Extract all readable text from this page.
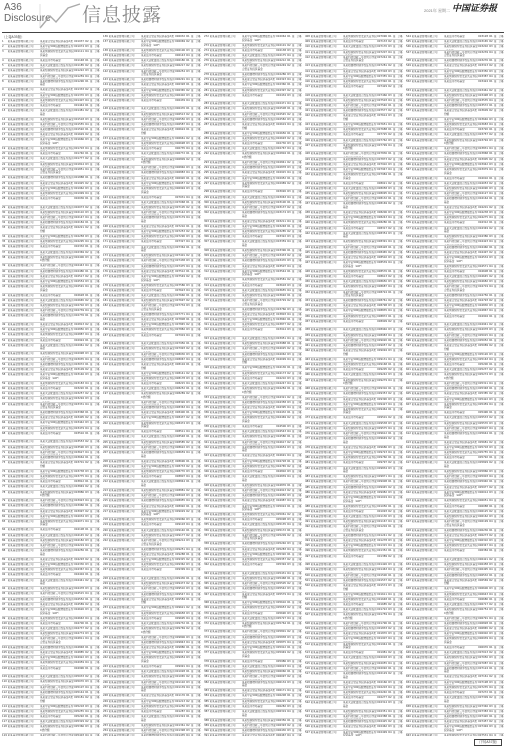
A36
Disclosure 信息披露	2021年 星期二 中国证券报
（上接A35版）
1	某某基金管理有限公司	某某混合型证券投资基金A类 001037 R2 是 公募
2	某某基金管理有限公司	某某中证500指数增强型证券 001074 R3 是 公募
3	某某基金管理有限公司	某某纯债债券型发起式证券投资基金
001111 R4 是 公募
4	某某基金管理有限公司	某某货币市场基金	001148 R1 是 公募
5	某某基金管理有限公司	某某灵活配置混合型证券投资 001185 R2 是 公募
6	某某基金管理有限公司	某某短债债券型证券投资基金 001222 R3 是 公募
7	某某基金管理有限公司	某某科技创新三年封闭运作混 001259 R4 是 公募
8	某某基金管理有限公司	某某稳健增利债券型证券投资基金
001296 R1 是 公募
9	某某基金管理有限公司	某某混合型证券投资基金A类 001333 R2 是 公募
10 某某基金管理有限公司	某某中证500指数增强型证券 001370 R3 是 公募
11 某某基金管理有限公司	某某纯债债券型发起式证券投 001407 R4 是 公募
12 某某基金管理有限公司	某某货币市场基金	001444 R1 是 公募
13 某某基金管理有限公司	某某灵活配置混合型证券投资基金
001481 R2 是 公募
14 某某基金管理有限公司	某某短债债券型证券投资基金 001518 R3 是 公募
15 某某基金管理有限公司	某某科技创新三年封闭运作混 001555 R4 是 公募
16 某某基金管理有限公司	某某稳健增利债券型证券投资 001592 R1 是 公募
17 某某基金管理有限公司	某某混合型证券投资基金A类 001629 R2 是 公募
18 某某基金管理有限公司	某某中证500指数增强型证券投资基金（LOF）
001666 R3 是 公募
19 某某基金管理有限公司	某某纯债债券型发起式证券投 001703 R4 是 公募
20 某某基金管理有限公司	某某货币市场基金	001740 R1 是 公募
21 某某基金管理有限公司	某某灵活配置混合型证券投资 001777 R2 是 公募
22 某某基金管理有限公司	某某短债债券型证券投资基金 001814 R3 是 公募
23 某某基金管理有限公司	某某科技创新三年封闭运作混合型证券投资基金
001851 R4 是 公募
24 某某基金管理有限公司	某某稳健增利债券型证券投资 001888 R1 是 公募
25 某某基金管理有限公司	某某混合型证券投资基金A类 001925 R2 是 公募
26 某某基金管理有限公司	某某中证500指数增强型证券 001962 R3 是 公募
27 某某基金管理有限公司	某某纯债债券型发起式证券投 001999 R4 是 公募
28 某某基金管理有限公司	某某货币市场基金	002036 R1 是 公募
29 某某基金管理有限公司	某某灵活配置混合型证券投资 002073 R2 是 公募
30 某某基金管理有限公司	某某短债债券型证券投资基金 002110 R3 是 公募
31 某某基金管理有限公司	某某科技创新三年封闭运作混 002147 R4 是 公募
32 某某基金管理有限公司	某某稳健增利债券型证券投资 002184 R1 是 公募
33 某某基金管理有限公司	某某混合型证券投资基金A类份额
002221 R2 是 公募
34 某某基金管理有限公司	某某中证500指数增强型证券 002258 R3 是 公募
35 某某基金管理有限公司	某某纯债债券型发起式证券投 002295 R4 是 公募
36 某某基金管理有限公司	某某货币市场基金	002332 R1 是 公募
37 某某基金管理有限公司	某某灵活配置混合型证券投资 002369 R2 是 公募
38 某某基金管理有限公司	某某短债债券型证券投资基金C类份额
002406 R3 是 公募
39 某某基金管理有限公司	某某科技创新三年封闭运作混 002443 R4 是 公募
40 某某基金管理有限公司	某某稳健增利债券型证券投资 002480 R1 是 公募
41 某某基金管理有限公司	某某混合型证券投资基金A类 002517 R2 是 公募
42 某某基金管理有限公司	某某中证500指数增强型证券 002554 R3 是 公募
43 某某基金管理有限公司	某某纯债债券型发起式证券投资基金
002591 R4 是 公募
44 某某基金管理有限公司	某某货币市场基金	002628 R1 是 公募
45 某某基金管理有限公司	某某灵活配置混合型证券投资 002665 R2 是 公募
46 某某基金管理有限公司	某某短债债券型证券投资基金 002702 R3 是 公募
47 某某基金管理有限公司	某某科技创新三年封闭运作混 002739 R4 是 公募
48 某某基金管理有限公司	某某稳健增利债券型证券投资基金
002776 R1 是 公募
49 某某基金管理有限公司	某某混合型证券投资基金A类 002813 R2 是 公募
50 某某基金管理有限公司	某某中证500指数增强型证券 002850 R3 是 公募
51 某某基金管理有限公司	某某纯债债券型发起式证券投 002887 R4 是 公募
52 某某基金管理有限公司	某某货币市场基金	002924 R1 是 公募
53 某某基金管理有限公司	某某灵活配置混合型证券投资基金
002961 R2 是 公募
54 某某基金管理有限公司	某某短债债券型证券投资基金 002998 R3 是 公募
55 某某基金管理有限公司	某某科技创新三年封闭运作混 003035 R4 是 公募
56 某某基金管理有限公司	某某稳健增利债券型证券投资 003072 R1 是 公募
57 某某基金管理有限公司	某某混合型证券投资基金A类 003109 R2 是 公募
58 某某基金管理有限公司	某某中证500指数增强型证券投资基金（LOF）
003146 R3 是 公募
59 某某基金管理有限公司	某某纯债债券型发起式证券投 003183 R4 是 公募
60 某某基金管理有限公司	某某货币市场基金	003220 R1 是 公募
61 某某基金管理有限公司	某某灵活配置混合型证券投资 003257 R2 是 公募
62 某某基金管理有限公司	某某短债债券型证券投资基金 003294 R3 是 公募
63 某某基金管理有限公司	某某科技创新三年封闭运作混合型证券投资基金
003331 R4 是 公募
64 某某基金管理有限公司	某某稳健增利债券型证券投资 003368 R1 是 公募
65 某某基金管理有限公司	某某混合型证券投资基金A类 003405 R2 是 公募
66 某某基金管理有限公司	某某中证500指数增强型证券 003442 R3 是 公募
67 某某基金管理有限公司	某某纯债债券型发起式证券投 003479 R4 是 公募
68 某某基金管理有限公司	某某货币市场基金	003516 R1 是 公募
69 某某基金管理有限公司	某某灵活配置混合型证券投资 003553 R2 是 公募
70 某某基金管理有限公司	某某短债债券型证券投资基金 003590 R3 是 公募
71 某某基金管理有限公司	某某科技创新三年封闭运作混 003627 R4 是 公募
72 某某基金管理有限公司	某某稳健增利债券型证券投资 003664 R1 是 公募
73 某某基金管理有限公司	某某混合型证券投资基金A类份额
003701 R2 是 公募
74 某某基金管理有限公司	某某中证500指数增强型证券 003738 R3 是 公募
75 某某基金管理有限公司	某某纯债债券型发起式证券投 003775 R4 是 公募
76 某某基金管理有限公司	某某货币市场基金	003812 R1 是 公募
77 某某基金管理有限公司	某某灵活配置混合型证券投资 003849 R2 是 公募
78 某某基金管理有限公司	某某短债债券型证券投资基金C类份额
003886 R3 是 公募
79 某某基金管理有限公司	某某科技创新三年封闭运作混 003923 R4 是 公募
80 某某基金管理有限公司	某某稳健增利债券型证券投资 003960 R1 是 公募
81 某某基金管理有限公司	某某混合型证券投资基金A类 003997 R2 是 公募
82 某某基金管理有限公司	某某中证500指数增强型证券 004034 R3 是 公募
83 某某基金管理有限公司	某某纯债债券型发起式证券投资基金
004071 R4 是 公募
84 某某基金管理有限公司	某某货币市场基金	004108 R1 是 公募
85 某某基金管理有限公司	某某灵活配置混合型证券投资 004145 R2 是 公募
86 某某基金管理有限公司	某某短债债券型证券投资基金 004182 R3 是 公募
87 某某基金管理有限公司	某某科技创新三年封闭运作混 004219 R4 是 公募
88 某某基金管理有限公司	某某稳健增利债券型证券投资基金
004256 R1 是 公募
89 某某基金管理有限公司	某某混合型证券投资基金A类 004293 R2 是 公募
90 某某基金管理有限公司	某某中证500指数增强型证券 004330 R3 是 公募
91 某某基金管理有限公司	某某纯债债券型发起式证券投 004367 R4 是 公募
92 某某基金管理有限公司	某某货币市场基金	004404 R1 是 公募
93 某某基金管理有限公司	某某灵活配置混合型证券投资基金
004441 R2 是 公募
94 某某基金管理有限公司	某某短债债券型证券投资基金 004478 R3 是 公募
95 某某基金管理有限公司	某某科技创新三年封闭运作混 004515 R4 是 公募
96 某某基金管理有限公司	某某稳健增利债券型证券投资 004552 R1 是 公募
97 某某基金管理有限公司	某某混合型证券投资基金A类 004589 R2 是 公募
98 某某基金管理有限公司	某某中证500指数增强型证券投资基金（LOF）
004626 R3 是 公募
99 某某基金管理有限公司	某某纯债债券型发起式证券投 004663 R4 是 公募
100 某某基金管理有限公司	某某货币市场基金	004700 R1 是 公募
101 某某基金管理有限公司	某某灵活配置混合型证券投资 004737 R2 是 公募
102 某某基金管理有限公司	某某短债债券型证券投资基金 004774 R3 是 公募
103 某某基金管理有限公司	某某科技创新三年封闭运作混合型证券投资基金
004811 R4 是 公募
104 某某基金管理有限公司	某某稳健增利债券型证券投资 004848 R1 是 公募
105 某某基金管理有限公司	某某混合型证券投资基金A类 004885 R2 是 公募
106 某某基金管理有限公司	某某中证500指数增强型证券 004922 R3 是 公募
107 某某基金管理有限公司	某某纯债债券型发起式证券投 004959 R4 是 公募
108 某某基金管理有限公司	某某货币市场基金	004996 R1 是 公募
109 某某基金管理有限公司	某某灵活配置混合型证券投资 005033 R2 是 公募
110 某某基金管理有限公司	某某短债债券型证券投资基金 005070 R3 是 公募
111 某某基金管理有限公司	某某科技创新三年封闭运作混 005107 R4 是 公募
112 某某基金管理有限公司	某某稳健增利债券型证券投资 005144 R1 是 公募
113 某某基金管理有限公司	某某混合型证券投资基金A类份额
005181 R2 是 公募
114 某某基金管理有限公司	某某中证500指数增强型证券 005218 R3 是 公募
115 某某基金管理有限公司	某某纯债债券型发起式证券投 005255 R4 是 公募
116 某某基金管理有限公司	某某货币市场基金	005292 R1 是 公募
117 某某基金管理有限公司	某某灵活配置混合型证券投资 005329 R2 是 公募
118 某某基金管理有限公司	某某短债债券型证券投资基金C类份额
005366 R3 是 公募
119 某某基金管理有限公司	某某科技创新三年封闭运作混 005403 R4 是 公募
136 某某基金管理有限公司	某某混合型证券投资基金A类 006032 R1 是 公募
137 某某基金管理有限公司	某某中证500指数增强型证券投资基金（LOF）
006069 R2 是 公募
138 某某基金管理有限公司	某某纯债债券型发起式证券投 006106 R3 是 公募
139 某某基金管理有限公司	某某货币市场基金	006143 R4 是 公募
140 某某基金管理有限公司	某某灵活配置混合型证券投资 006180 R1 是 公募
141 某某基金管理有限公司	某某短债债券型证券投资基金 006217 R2 是 公募
142 某某基金管理有限公司	某某科技创新三年封闭运作混合型证券投资基金
006254 R3 是 公募
143 某某基金管理有限公司	某某稳健增利债券型证券投资 006291 R4 是 公募
144 某某基金管理有限公司	某某混合型证券投资基金A类 006328 R1 是 公募
145 某某基金管理有限公司	某某中证500指数增强型证券 006365 R2 是 公募
146 某某基金管理有限公司	某某纯债债券型发起式证券投 006402 R3 是 公募
147 某某基金管理有限公司	某某货币市场基金	006439 R4 是 公募
148 某某基金管理有限公司	某某灵活配置混合型证券投资 006476 R1 是 公募
149 某某基金管理有限公司	某某短债债券型证券投资基金 006513 R2 是 公募
150 某某基金管理有限公司	某某科技创新三年封闭运作混 006550 R3 是 公募
151 某某基金管理有限公司	某某稳健增利债券型证券投资 006587 R4 是 公募
152 某某基金管理有限公司	某某混合型证券投资基金A类份额
006624 R1 是 公募
153 某某基金管理有限公司	某某中证500指数增强型证券 006661 R2 是 公募
154 某某基金管理有限公司	某某纯债债券型发起式证券投 006698 R3 是 公募
155 某某基金管理有限公司	某某货币市场基金	006735 R4 是 公募
156 某某基金管理有限公司	某某灵活配置混合型证券投资 006772 R1 是 公募
157 某某基金管理有限公司	某某短债债券型证券投资基金C类份额
006809 R2 是 公募
158 某某基金管理有限公司	某某科技创新三年封闭运作混 006846 R3 是 公募
159 某某基金管理有限公司	某某稳健增利债券型证券投资 006883 R4 是 公募
160 某某基金管理有限公司	某某混合型证券投资基金A类 006920 R1 是 公募
161 某某基金管理有限公司	某某中证500指数增强型证券 006957 R2 是 公募
162 某某基金管理有限公司	某某纯债债券型发起式证券投资基金
006994 R3 是 公募
163 某某基金管理有限公司	某某货币市场基金	007031 R4 是 公募
164 某某基金管理有限公司	某某灵活配置混合型证券投资 007068 R1 是 公募
165 某某基金管理有限公司	某某短债债券型证券投资基金 007105 R2 是 公募
166 某某基金管理有限公司	某某科技创新三年封闭运作混 007142 R3 是 公募
167 某某基金管理有限公司	某某稳健增利债券型证券投资基金
007179 R4 是 公募
168 某某基金管理有限公司	某某混合型证券投资基金A类 007216 R1 是 公募
169 某某基金管理有限公司	某某中证500指数增强型证券 007253 R2 是 公募
170 某某基金管理有限公司	某某纯债债券型发起式证券投 007290 R3 是 公募
171 某某基金管理有限公司	某某货币市场基金	007327 R4 是 公募
172 某某基金管理有限公司	某某灵活配置混合型证券投资基金
007364 R1 是 公募
173 某某基金管理有限公司	某某短债债券型证券投资基金 007401 R2 是 公募
174 某某基金管理有限公司	某某科技创新三年封闭运作混 007438 R3 是 公募
175 某某基金管理有限公司	某某稳健增利债券型证券投资 007475 R4 是 公募
176 某某基金管理有限公司	某某混合型证券投资基金A类 007512 R1 是 公募
177 某某基金管理有限公司	某某中证500指数增强型证券投资基金（LOF）
007549 R2 是 公募
178 某某基金管理有限公司	某某纯债债券型发起式证券投 007586 R3 是 公募
179 某某基金管理有限公司	某某货币市场基金	007623 R4 是 公募
180 某某基金管理有限公司	某某灵活配置混合型证券投资 007660 R1 是 公募
181 某某基金管理有限公司	某某短债债券型证券投资基金 007697 R2 是 公募
182 某某基金管理有限公司	某某科技创新三年封闭运作混合型证券投资基金
007734 R3 是 公募
183 某某基金管理有限公司	某某稳健增利债券型证券投资 007771 R4 是 公募
184 某某基金管理有限公司	某某混合型证券投资基金A类 007808 R1 是 公募
185 某某基金管理有限公司	某某中证500指数增强型证券 007845 R2 是 公募
186 某某基金管理有限公司	某某纯债债券型发起式证券投 007882 R3 是 公募
187 某某基金管理有限公司	某某货币市场基金	007919 R4 是 公募
188 某某基金管理有限公司	某某灵活配置混合型证券投资 007956 R1 是 公募
189 某某基金管理有限公司	某某短债债券型证券投资基金 007993 R2 是 公募
190 某某基金管理有限公司	某某科技创新三年封闭运作混 008030 R3 是 公募
191 某某基金管理有限公司	某某稳健增利债券型证券投资 008067 R4 是 公募
192 某某基金管理有限公司	某某混合型证券投资基金A类份额
008104 R1 是 公募
193 某某基金管理有限公司	某某中证500指数增强型证券 008141 R2 是 公募
194 某某基金管理有限公司	某某纯债债券型发起式证券投 008178 R3 是 公募
195 某某基金管理有限公司	某某货币市场基金	008215 R4 是 公募
196 某某基金管理有限公司	某某灵活配置混合型证券投资 008252 R1 是 公募
197 某某基金管理有限公司	某某短债债券型证券投资基金C类份额
008289 R2 是 公募
198 某某基金管理有限公司	某某科技创新三年封闭运作混 008326 R3 是 公募
199 某某基金管理有限公司	某某稳健增利债券型证券投资 008363 R4 是 公募
200 某某基金管理有限公司	某某混合型证券投资基金A类 008400 R1 是 公募
201 某某基金管理有限公司	某某中证500指数增强型证券 008437 R2 是 公募
202 某某基金管理有限公司	某某纯债债券型发起式证券投资基金
008474 R3 是 公募
203 某某基金管理有限公司	某某货币市场基金	008511 R4 是 公募
204 某某基金管理有限公司	某某灵活配置混合型证券投资 008548 R1 是 公募
205 某某基金管理有限公司	某某短债债券型证券投资基金 008585 R2 是 公募
206 某某基金管理有限公司	某某科技创新三年封闭运作混 008622 R3 是 公募
207 某某基金管理有限公司	某某稳健增利债券型证券投资基金
008659 R4 是 公募
208 某某基金管理有限公司	某某混合型证券投资基金A类 008696 R1 是 公募
209 某某基金管理有限公司	某某中证500指数增强型证券 008733 R2 是 公募
210 某某基金管理有限公司	某某纯债债券型发起式证券投 008770 R3 是 公募
211 某某基金管理有限公司	某某货币市场基金	008807 R4 是 公募
212 某某基金管理有限公司	某某灵活配置混合型证券投资基金
008844 R1 是 公募
213 某某基金管理有限公司	某某短债债券型证券投资基金 008881 R2 是 公募
214 某某基金管理有限公司	某某科技创新三年封闭运作混 008918 R3 是 公募
215 某某基金管理有限公司	某某稳健增利债券型证券投资 008955 R4 是 公募
216 某某基金管理有限公司	某某混合型证券投资基金A类 008992 R1 是 公募
217 某某基金管理有限公司	某某中证500指数增强型证券投资基金（LOF）
009029 R2 是 公募
218 某某基金管理有限公司	某某纯债债券型发起式证券投 009066 R3 是 公募
219 某某基金管理有限公司	某某货币市场基金	009103 R4 是 公募
220 某某基金管理有限公司	某某灵活配置混合型证券投资 009140 R1 是 公募
221 某某基金管理有限公司	某某短债债券型证券投资基金 009177 R2 是 公募
222 某某基金管理有限公司	某某科技创新三年封闭运作混合型证券投资基金
009214 R3 是 公募
223 某某基金管理有限公司	某某稳健增利债券型证券投资 009251 R4 是 公募
224 某某基金管理有限公司	某某混合型证券投资基金A类 009288 R1 是 公募
225 某某基金管理有限公司	某某中证500指数增强型证券 009325 R2 是 公募
226 某某基金管理有限公司	某某纯债债券型发起式证券投 009362 R3 是 公募
227 某某基金管理有限公司	某某货币市场基金	009399 R4 是 公募
228 某某基金管理有限公司	某某灵活配置混合型证券投资 009436 R1 是 公募
229 某某基金管理有限公司	某某短债债券型证券投资基金 009473 R2 是 公募
230 某某基金管理有限公司	某某科技创新三年封闭运作混 009510 R3 是 公募
231 某某基金管理有限公司	某某稳健增利债券型证券投资 009547 R4 是 公募
232 某某基金管理有限公司	某某混合型证券投资基金A类份额
009584 R1 是 公募
233 某某基金管理有限公司	某某中证500指数增强型证券 009621 R2 是 公募
234 某某基金管理有限公司	某某纯债债券型发起式证券投 009658 R3 是 公募
235 某某基金管理有限公司	某某货币市场基金	009695 R4 是 公募
236 某某基金管理有限公司	某某灵活配置混合型证券投资 009732 R1 是 公募
237 某某基金管理有限公司	某某短债债券型证券投资基金C类份额
009769 R2 是 公募
238 某某基金管理有限公司	某某科技创新三年封闭运作混 009806 R3 是 公募
239 某某基金管理有限公司	某某稳健增利债券型证券投资 009843 R4 是 公募
240 某某基金管理有限公司	某某混合型证券投资基金A类 009880 R1 是 公募
241 某某基金管理有限公司	某某中证500指数增强型证券 009917 R2 是 公募
242 某某基金管理有限公司	某某纯债债券型发起式证券投资基金
009954 R3 是 公募
243 某某基金管理有限公司	某某货币市场基金	009991 R4 是 公募
244 某某基金管理有限公司	某某灵活配置混合型证券投资 001028 R1 是 公募
245 某某基金管理有限公司	某某短债债券型证券投资基金 001065 R2 是 公募
246 某某基金管理有限公司	某某科技创新三年封闭运作混 001102 R3 是 公募
247 某某基金管理有限公司	某某稳健增利债券型证券投资基金
001139 R4 是 公募
248 某某基金管理有限公司	某某混合型证券投资基金A类 001176 R1 是 公募
249 某某基金管理有限公司	某某中证500指数增强型证券 001213 R2 是 公募
250 某某基金管理有限公司	某某纯债债券型发起式证券投 001250 R3 是 公募
251 某某基金管理有限公司	某某货币市场基金	001287 R4 是 公募
252 某某基金管理有限公司	某某灵活配置混合型证券投资基金
001324 R1 是 公募
253 某某基金管理有限公司	某某短债债券型证券投资基金 001361 R2 是 公募
254 某某基金管理有限公司	某某科技创新三年封闭运作混 001398 R3 是 公募
255 某某基金管理有限公司	某某稳健增利债券型证券投资 001435 R4 是 公募
272 某某基金管理有限公司	某某中证500指数增强型证券投资基金（LOF）
002064 R1 是 公募
273 某某基金管理有限公司	某某纯债债券型发起式证券投 002101 R2 是 公募
274 某某基金管理有限公司	某某货币市场基金	002138 R3 是 公募
275 某某基金管理有限公司	某某灵活配置混合型证券投资 002175 R4 是 公募
276 某某基金管理有限公司	某某短债债券型证券投资基金 002212 R1 是 公募
277 某某基金管理有限公司	某某科技创新三年封闭运作混合型证券投资基金
002249 R2 是 公募
278 某某基金管理有限公司	某某稳健增利债券型证券投资 002286 R3 是 公募
279 某某基金管理有限公司	某某混合型证券投资基金A类 002323 R4 是 公募
280 某某基金管理有限公司	某某中证500指数增强型证券 002360 R1 是 公募
281 某某基金管理有限公司	某某纯债债券型发起式证券投 002397 R2 是 公募
282 某某基金管理有限公司	某某货币市场基金	002434 R3 是 公募
283 某某基金管理有限公司	某某灵活配置混合型证券投资 002471 R4 是 公募
284 某某基金管理有限公司	某某短债债券型证券投资基金 002508 R1 是 公募
285 某某基金管理有限公司	某某科技创新三年封闭运作混 002545 R2 是 公募
286 某某基金管理有限公司	某某稳健增利债券型证券投资 002582 R3 是 公募
287 某某基金管理有限公司	某某混合型证券投资基金A类份额
002619 R4 是 公募
288 某某基金管理有限公司	某某中证500指数增强型证券 002656 R1 是 公募
289 某某基金管理有限公司	某某纯债债券型发起式证券投 002693 R2 是 公募
290 某某基金管理有限公司	某某货币市场基金	002730 R3 是 公募
291 某某基金管理有限公司	某某灵活配置混合型证券投资 002767 R4 是 公募
292 某某基金管理有限公司	某某短债债券型证券投资基金C类份额
002804 R1 是 公募
293 某某基金管理有限公司	某某科技创新三年封闭运作混 002841 R2 是 公募
294 某某基金管理有限公司	某某稳健增利债券型证券投资 002878 R3 是 公募
295 某某基金管理有限公司	某某混合型证券投资基金A类 002915 R4 是 公募
296 某某基金管理有限公司	某某中证500指数增强型证券 002952 R1 是 公募
297 某某基金管理有限公司	某某纯债债券型发起式证券投资基金
002989 R2 是 公募
298 某某基金管理有限公司	某某货币市场基金	003026 R3 是 公募
299 某某基金管理有限公司	某某灵活配置混合型证券投资 003063 R4 是 公募
300 某某基金管理有限公司	某某短债债券型证券投资基金 003100 R1 是 公募
301 某某基金管理有限公司	某某科技创新三年封闭运作混 003137 R2 是 公募
302 某某基金管理有限公司	某某稳健增利债券型证券投资基金
003174 R3 是 公募
303 某某基金管理有限公司	某某混合型证券投资基金A类 003211 R4 是 公募
304 某某基金管理有限公司	某某中证500指数增强型证券 003248 R1 是 公募
305 某某基金管理有限公司	某某纯债债券型发起式证券投 003285 R2 是 公募
306 某某基金管理有限公司	某某货币市场基金	003322 R3 是 公募
307 某某基金管理有限公司	某某灵活配置混合型证券投资基金
003359 R4 是 公募
308 某某基金管理有限公司	某某短债债券型证券投资基金 003396 R1 是 公募
309 某某基金管理有限公司	某某科技创新三年封闭运作混 003433 R2 是 公募
310 某某基金管理有限公司	某某稳健增利债券型证券投资 003470 R3 是 公募
311 某某基金管理有限公司	某某混合型证券投资基金A类 003507 R4 是 公募
312 某某基金管理有限公司	某某中证500指数增强型证券投资基金（LOF）
003544 R1 是 公募
313 某某基金管理有限公司	某某纯债债券型发起式证券投 003581 R2 是 公募
314 某某基金管理有限公司	某某货币市场基金	003618 R3 是 公募
315 某某基金管理有限公司	某某灵活配置混合型证券投资 003655 R4 是 公募
316 某某基金管理有限公司	某某短债债券型证券投资基金 003692 R1 是 公募
317 某某基金管理有限公司	某某科技创新三年封闭运作混合型证券投资基金
003729 R2 是 公募
318 某某基金管理有限公司	某某稳健增利债券型证券投资 003766 R3 是 公募
319 某某基金管理有限公司	某某混合型证券投资基金A类 003803 R4 是 公募
320 某某基金管理有限公司	某某中证500指数增强型证券 003840 R1 是 公募
321 某某基金管理有限公司	某某纯债债券型发起式证券投 003877 R2 是 公募
322 某某基金管理有限公司	某某货币市场基金	003914 R3 是 公募
323 某某基金管理有限公司	某某灵活配置混合型证券投资 003951 R4 是 公募
324 某某基金管理有限公司	某某短债债券型证券投资基金 003988 R1 是 公募
325 某某基金管理有限公司	某某科技创新三年封闭运作混 004025 R2 是 公募
326 某某基金管理有限公司	某某稳健增利债券型证券投资 004062 R3 是 公募
327 某某基金管理有限公司	某某混合型证券投资基金A类份额
004099 R4 是 公募
328 某某基金管理有限公司	某某中证500指数增强型证券 004136 R1 是 公募
329 某某基金管理有限公司	某某纯债债券型发起式证券投 004173 R2 是 公募
330 某某基金管理有限公司	某某货币市场基金	004210 R3 是 公募
331 某某基金管理有限公司	某某灵活配置混合型证券投资 004247 R4 是 公募
332 某某基金管理有限公司	某某短债债券型证券投资基金C类份额
004284 R1 是 公募
333 某某基金管理有限公司	某某科技创新三年封闭运作混 004321 R2 是 公募
334 某某基金管理有限公司	某某稳健增利债券型证券投资 004358 R3 是 公募
335 某某基金管理有限公司	某某混合型证券投资基金A类 004395 R4 是 公募
336 某某基金管理有限公司	某某中证500指数增强型证券 004432 R1 是 公募
337 某某基金管理有限公司	某某纯债债券型发起式证券投资基金
004469 R2 是 公募
338 某某基金管理有限公司	某某货币市场基金	004506 R3 是 公募
339 某某基金管理有限公司	某某灵活配置混合型证券投资 004543 R4 是 公募
340 某某基金管理有限公司	某某短债债券型证券投资基金 004580 R1 是 公募
341 某某基金管理有限公司	某某科技创新三年封闭运作混 004617 R2 是 公募
342 某某基金管理有限公司	某某稳健增利债券型证券投资基金
004654 R3 是 公募
343 某某基金管理有限公司	某某混合型证券投资基金A类 004691 R4 是 公募
344 某某基金管理有限公司	某某中证500指数增强型证券 004728 R1 是 公募
345 某某基金管理有限公司	某某纯债债券型发起式证券投 004765 R2 是 公募
346 某某基金管理有限公司	某某货币市场基金	004802 R3 是 公募
347 某某基金管理有限公司	某某灵活配置混合型证券投资基金
004839 R4 是 公募
348 某某基金管理有限公司	某某短债债券型证券投资基金 004876 R1 是 公募
349 某某基金管理有限公司	某某科技创新三年封闭运作混 004913 R2 是 公募
350 某某基金管理有限公司	某某稳健增利债券型证券投资 004950 R3 是 公募
351 某某基金管理有限公司	某某混合型证券投资基金A类 004987 R4 是 公募
352 某某基金管理有限公司	某某中证500指数增强型证券投资基金（LOF）
005024 R1 是 公募
353 某某基金管理有限公司	某某纯债债券型发起式证券投 005061 R2 是 公募
354 某某基金管理有限公司	某某货币市场基金	005098 R3 是 公募
355 某某基金管理有限公司	某某灵活配置混合型证券投资 005135 R4 是 公募
356 某某基金管理有限公司	某某短债债券型证券投资基金 005172 R1 是 公募
357 某某基金管理有限公司	某某科技创新三年封闭运作混合型证券投资基金
005209 R2 是 公募
358 某某基金管理有限公司	某某稳健增利债券型证券投资 005246 R3 是 公募
359 某某基金管理有限公司	某某混合型证券投资基金A类 005283 R4 是 公募
360 某某基金管理有限公司	某某中证500指数增强型证券 005320 R1 是 公募
361 某某基金管理有限公司	某某纯债债券型发起式证券投 005357 R2 是 公募
362 某某基金管理有限公司	某某货币市场基金	005394 R3 是 公募
363 某某基金管理有限公司	某某灵活配置混合型证券投资 005431 R4 是 公募
364 某某基金管理有限公司	某某短债债券型证券投资基金 005468 R1 是 公募
365 某某基金管理有限公司	某某科技创新三年封闭运作混 005505 R2 是 公募
366 某某基金管理有限公司	某某稳健增利债券型证券投资 005542 R3 是 公募
367 某某基金管理有限公司	某某混合型证券投资基金A类份额
005579 R4 是 公募
368 某某基金管理有限公司	某某中证500指数增强型证券 005616 R1 是 公募
369 某某基金管理有限公司	某某纯债债券型发起式证券投 005653 R2 是 公募
370 某某基金管理有限公司	某某货币市场基金	005690 R3 是 公募
371 某某基金管理有限公司	某某灵活配置混合型证券投资 005727 R4 是 公募
372 某某基金管理有限公司	某某短债债券型证券投资基金C类份额
005764 R1 是 公募
373 某某基金管理有限公司	某某科技创新三年封闭运作混 005801 R2 是 公募
374 某某基金管理有限公司	某某稳健增利债券型证券投资 005838 R3 是 公募
375 某某基金管理有限公司	某某混合型证券投资基金A类 005875 R4 是 公募
376 某某基金管理有限公司	某某中证500指数增强型证券 005912 R1 是 公募
377 某某基金管理有限公司	某某纯债债券型发起式证券投资基金
005949 R2 是 公募
378 某某基金管理有限公司	某某货币市场基金	005986 R3 是 公募
379 某某基金管理有限公司	某某灵活配置混合型证券投资 006023 R4 是 公募
380 某某基金管理有限公司	某某短债债券型证券投资基金 006060 R1 是 公募
381 某某基金管理有限公司	某某科技创新三年封闭运作混 006097 R2 是 公募
382 某某基金管理有限公司	某某稳健增利债券型证券投资基金
006134 R3 是 公募
383 某某基金管理有限公司	某某混合型证券投资基金A类 006171 R4 是 公募
384 某某基金管理有限公司	某某中证500指数增强型证券 006208 R1 是 公募
385 某某基金管理有限公司	某某纯债债券型发起式证券投 006245 R2 是 公募
386 某某基金管理有限公司	某某货币市场基金	006282 R3 是 公募
387 某某基金管理有限公司	某某灵活配置混合型证券投资基金
006319 R4 是 公募
388 某某基金管理有限公司	某某短债债券型证券投资基金 006356 R1 是 公募
389 某某基金管理有限公司	某某科技创新三年封闭运作混 006393 R2 是 公募
390 某某基金管理有限公司	某某稳健增利债券型证券投资 006430 R3 是 公募
391 某某基金管理有限公司	某某混合型证券投资基金A类 006467 R4 是 公募
408 某某基金管理有限公司	某某纯债债券型发起式证券投 007096 R1 是 公募
409 某某基金管理有限公司	某某货币市场基金	007133 R2 是 公募
410 某某基金管理有限公司	某某灵活配置混合型证券投资 007170 R3 是 公募
411 某某基金管理有限公司	某某短债债券型证券投资基金 007207 R4 是 公募
412 某某基金管理有限公司	某某科技创新三年封闭运作混合型证券投资基金
007244 R1 是 公募
413 某某基金管理有限公司	某某稳健增利债券型证券投资 007281 R2 是 公募
414 某某基金管理有限公司	某某混合型证券投资基金A类 007318 R3 是 公募
415 某某基金管理有限公司	某某中证500指数增强型证券 007355 R4 是 公募
416 某某基金管理有限公司	某某纯债债券型发起式证券投 007392 R1 是 公募
417 某某基金管理有限公司	某某货币市场基金	007429 R2 是 公募
418 某某基金管理有限公司	某某灵活配置混合型证券投资 007466 R3 是 公募
419 某某基金管理有限公司	某某短债债券型证券投资基金 007503 R4 是 公募
420 某某基金管理有限公司	某某科技创新三年封闭运作混 007540 R1 是 公募
421 某某基金管理有限公司	某某稳健增利债券型证券投资 007577 R2 是 公募
422 某某基金管理有限公司	某某混合型证券投资基金A类份额
007614 R3 是 公募
423 某某基金管理有限公司	某某中证500指数增强型证券 007651 R4 是 公募
424 某某基金管理有限公司	某某纯债债券型发起式证券投 007688 R1 是 公募
425 某某基金管理有限公司	某某货币市场基金	007725 R2 是 公募
426 某某基金管理有限公司	某某灵活配置混合型证券投资 007762 R3 是 公募
427 某某基金管理有限公司	某某短债债券型证券投资基金C类份额
007799 R4 是 公募
428 某某基金管理有限公司	某某科技创新三年封闭运作混 007836 R1 是 公募
429 某某基金管理有限公司	某某稳健增利债券型证券投资 007873 R2 是 公募
430 某某基金管理有限公司	某某混合型证券投资基金A类 007910 R3 是 公募
431 某某基金管理有限公司	某某中证500指数增强型证券 007947 R4 是 公募
432 某某基金管理有限公司	某某纯债债券型发起式证券投资基金
007984 R1 是 公募
433 某某基金管理有限公司	某某货币市场基金	008021 R2 是 公募
434 某某基金管理有限公司	某某灵活配置混合型证券投资 008058 R3 是 公募
435 某某基金管理有限公司	某某短债债券型证券投资基金 008095 R4 是 公募
436 某某基金管理有限公司	某某科技创新三年封闭运作混 008132 R1 是 公募
437 某某基金管理有限公司	某某稳健增利债券型证券投资基金
008169 R2 是 公募
438 某某基金管理有限公司	某某混合型证券投资基金A类 008206 R3 是 公募
439 某某基金管理有限公司	某某中证500指数增强型证券 008243 R4 是 公募
440 某某基金管理有限公司	某某纯债债券型发起式证券投 008280 R1 是 公募
441 某某基金管理有限公司	某某货币市场基金	008317 R2 是 公募
442 某某基金管理有限公司	某某灵活配置混合型证券投资基金
008354 R3 是 公募
443 某某基金管理有限公司	某某短债债券型证券投资基金 008391 R4 是 公募
444 某某基金管理有限公司	某某科技创新三年封闭运作混 008428 R1 是 公募
445 某某基金管理有限公司	某某稳健增利债券型证券投资 008465 R2 是 公募
446 某某基金管理有限公司	某某混合型证券投资基金A类 008502 R3 是 公募
447 某某基金管理有限公司	某某中证500指数增强型证券投资基金（LOF）
008539 R4 是 公募
448 某某基金管理有限公司	某某纯债债券型发起式证券投 008576 R1 是 公募
449 某某基金管理有限公司	某某货币市场基金	008613 R2 是 公募
450 某某基金管理有限公司	某某灵活配置混合型证券投资 008650 R3 是 公募
451 某某基金管理有限公司	某某短债债券型证券投资基金 008687 R4 是 公募
452 某某基金管理有限公司	某某科技创新三年封闭运作混合型证券投资基金
008724 R1 是 公募
453 某某基金管理有限公司	某某稳健增利债券型证券投资 008761 R2 是 公募
454 某某基金管理有限公司	某某混合型证券投资基金A类 008798 R3 是 公募
455 某某基金管理有限公司	某某中证500指数增强型证券 008835 R4 是 公募
456 某某基金管理有限公司	某某纯债债券型发起式证券投 008872 R1 是 公募
457 某某基金管理有限公司	某某货币市场基金	008909 R2 是 公募
458 某某基金管理有限公司	某某灵活配置混合型证券投资 008946 R3 是 公募
459 某某基金管理有限公司	某某短债债券型证券投资基金 008983 R4 是 公募
460 某某基金管理有限公司	某某科技创新三年封闭运作混 009020 R1 是 公募
461 某某基金管理有限公司	某某稳健增利债券型证券投资 009057 R2 是 公募
462 某某基金管理有限公司	某某混合型证券投资基金A类份额
009094 R3 是 公募
463 某某基金管理有限公司	某某中证500指数增强型证券 009131 R4 是 公募
464 某某基金管理有限公司	某某纯债债券型发起式证券投 009168 R1 是 公募
465 某某基金管理有限公司	某某货币市场基金	009205 R2 是 公募
466 某某基金管理有限公司	某某灵活配置混合型证券投资 009242 R3 是 公募
467 某某基金管理有限公司	某某短债债券型证券投资基金C类份额
009279 R4 是 公募
468 某某基金管理有限公司	某某科技创新三年封闭运作混 009316 R1 是 公募
469 某某基金管理有限公司	某某稳健增利债券型证券投资 009353 R2 是 公募
470 某某基金管理有限公司	某某混合型证券投资基金A类 009390 R3 是 公募
471 某某基金管理有限公司	某某中证500指数增强型证券 009427 R4 是 公募
472 某某基金管理有限公司	某某纯债债券型发起式证券投资基金
009464 R1 是 公募
473 某某基金管理有限公司	某某货币市场基金	009501 R2 是 公募
474 某某基金管理有限公司	某某灵活配置混合型证券投资 009538 R3 是 公募
475 某某基金管理有限公司	某某短债债券型证券投资基金 009575 R4 是 公募
476 某某基金管理有限公司	某某科技创新三年封闭运作混 009612 R1 是 公募
477 某某基金管理有限公司	某某稳健增利债券型证券投资基金
009649 R2 是 公募
478 某某基金管理有限公司	某某混合型证券投资基金A类 009686 R3 是 公募
479 某某基金管理有限公司	某某中证500指数增强型证券 009723 R4 是 公募
480 某某基金管理有限公司	某某纯债债券型发起式证券投 009760 R1 是 公募
481 某某基金管理有限公司	某某货币市场基金	009797 R2 是 公募
482 某某基金管理有限公司	某某灵活配置混合型证券投资基金
009834 R3 是 公募
483 某某基金管理有限公司	某某短债债券型证券投资基金 009871 R4 是 公募
484 某某基金管理有限公司	某某科技创新三年封闭运作混 009908 R1 是 公募
485 某某基金管理有限公司	某某稳健增利债券型证券投资 009945 R2 是 公募
486 某某基金管理有限公司	某某混合型证券投资基金A类 009982 R3 是 公募
487 某某基金管理有限公司	某某中证500指数增强型证券投资基金（LOF）
001019 R4 是 公募
488 某某基金管理有限公司	某某纯债债券型发起式证券投 001056 R1 是 公募
489 某某基金管理有限公司	某某货币市场基金	001093 R2 是 公募
490 某某基金管理有限公司	某某灵活配置混合型证券投资 001130 R3 是 公募
491 某某基金管理有限公司	某某短债债券型证券投资基金 001167 R4 是 公募
492 某某基金管理有限公司	某某科技创新三年封闭运作混合型证券投资基金
001204 R1 是 公募
493 某某基金管理有限公司	某某稳健增利债券型证券投资 001241 R2 是 公募
494 某某基金管理有限公司	某某混合型证券投资基金A类 001278 R3 是 公募
495 某某基金管理有限公司	某某中证500指数增强型证券 001315 R4 是 公募
496 某某基金管理有限公司	某某纯债债券型发起式证券投 001352 R1 是 公募
497 某某基金管理有限公司	某某货币市场基金	001389 R2 是 公募
498 某某基金管理有限公司	某某灵活配置混合型证券投资 001426 R3 是 公募
499 某某基金管理有限公司	某某短债债券型证券投资基金 001463 R4 是 公募
500 某某基金管理有限公司	某某科技创新三年封闭运作混 001500 R1 是 公募
501 某某基金管理有限公司	某某稳健增利债券型证券投资 001537 R2 是 公募
502 某某基金管理有限公司	某某混合型证券投资基金A类份额
001574 R3 是 公募
503 某某基金管理有限公司	某某中证500指数增强型证券 001611 R4 是 公募
504 某某基金管理有限公司	某某纯债债券型发起式证券投 001648 R1 是 公募
505 某某基金管理有限公司	某某货币市场基金	001685 R2 是 公募
506 某某基金管理有限公司	某某灵活配置混合型证券投资 001722 R3 是 公募
507 某某基金管理有限公司	某某短债债券型证券投资基金C类份额
001759 R4 是 公募
508 某某基金管理有限公司	某某科技创新三年封闭运作混 001796 R1 是 公募
509 某某基金管理有限公司	某某稳健增利债券型证券投资 001833 R2 是 公募
510 某某基金管理有限公司	某某混合型证券投资基金A类 001870 R3 是 公募
511 某某基金管理有限公司	某某中证500指数增强型证券 001907 R4 是 公募
512 某某基金管理有限公司	某某纯债债券型发起式证券投资基金
001944 R1 是 公募
513 某某基金管理有限公司	某某货币市场基金	001981 R2 是 公募
514 某某基金管理有限公司	某某灵活配置混合型证券投资 002018 R3 是 公募
515 某某基金管理有限公司	某某短债债券型证券投资基金 002055 R4 是 公募
516 某某基金管理有限公司	某某科技创新三年封闭运作混 002092 R1 是 公募
517 某某基金管理有限公司	某某稳健增利债券型证券投资基金
002129 R2 是 公募
518 某某基金管理有限公司	某某混合型证券投资基金A类 002166 R3 是 公募
519 某某基金管理有限公司	某某中证500指数增强型证券 002203 R4 是 公募
520 某某基金管理有限公司	某某纯债债券型发起式证券投 002240 R1 是 公募
521 某某基金管理有限公司	某某货币市场基金	002277 R2 是 公募
522 某某基金管理有限公司	某某灵活配置混合型证券投资基金
002314 R3 是 公募
523 某某基金管理有限公司	某某短债债券型证券投资基金 002351 R4 是 公募
524 某某基金管理有限公司	某某科技创新三年封闭运作混 002388 R1 是 公募
525 某某基金管理有限公司	某某稳健增利债券型证券投资 002425 R2 是 公募
526 某某基金管理有限公司	某某混合型证券投资基金A类 002462 R3 是 公募
527 某某基金管理有限公司	某某中证500指数增强型证券投资基金（LOF）
002499 R4 是 公募
544 某某基金管理有限公司	某某货币市场基金	003128 R1 是 公募
545 某某基金管理有限公司	某某灵活配置混合型证券投资 003165 R2 是 公募
546 某某基金管理有限公司	某某短债债券型证券投资基金 003202 R3 是 公募
547 某某基金管理有限公司	某某科技创新三年封闭运作混合型证券投资基金
003239 R4 是 公募
548 某某基金管理有限公司	某某稳健增利债券型证券投资 003276 R1 是 公募
549 某某基金管理有限公司	某某混合型证券投资基金A类 003313 R2 是 公募
550 某某基金管理有限公司	某某中证500指数增强型证券 003350 R3 是 公募
551 某某基金管理有限公司	某某纯债债券型发起式证券投 003387 R4 是 公募
552 某某基金管理有限公司	某某货币市场基金	003424 R1 是 公募
553 某某基金管理有限公司	某某灵活配置混合型证券投资 003461 R2 是 公募
554 某某基金管理有限公司	某某短债债券型证券投资基金 003498 R3 是 公募
555 某某基金管理有限公司	某某科技创新三年封闭运作混 003535 R4 是 公募
556 某某基金管理有限公司	某某稳健增利债券型证券投资 003572 R1 是 公募
557 某某基金管理有限公司	某某混合型证券投资基金A类份额
003609 R2 是 公募
558 某某基金管理有限公司	某某中证500指数增强型证券 003646 R3 是 公募
559 某某基金管理有限公司	某某纯债债券型发起式证券投 003683 R4 是 公募
560 某某基金管理有限公司	某某货币市场基金	003720 R1 是 公募
561 某某基金管理有限公司	某某灵活配置混合型证券投资 003757 R2 是 公募
562 某某基金管理有限公司	某某短债债券型证券投资基金C类份额
003794 R3 是 公募
563 某某基金管理有限公司	某某科技创新三年封闭运作混 003831 R4 是 公募
564 某某基金管理有限公司	某某稳健增利债券型证券投资 003868 R1 是 公募
565 某某基金管理有限公司	某某混合型证券投资基金A类 003905 R2 是 公募
566 某某基金管理有限公司	某某中证500指数增强型证券 003942 R3 是 公募
567 某某基金管理有限公司	某某纯债债券型发起式证券投资基金
003979 R4 是 公募
568 某某基金管理有限公司	某某货币市场基金	004016 R1 是 公募
569 某某基金管理有限公司	某某灵活配置混合型证券投资 004053 R2 是 公募
570 某某基金管理有限公司	某某短债债券型证券投资基金 004090 R3 是 公募
571 某某基金管理有限公司	某某科技创新三年封闭运作混 004127 R4 是 公募
572 某某基金管理有限公司	某某稳健增利债券型证券投资基金
004164 R1 是 公募
573 某某基金管理有限公司	某某混合型证券投资基金A类 004201 R2 是 公募
574 某某基金管理有限公司	某某中证500指数增强型证券 004238 R3 是 公募
575 某某基金管理有限公司	某某纯债债券型发起式证券投 004275 R4 是 公募
576 某某基金管理有限公司	某某货币市场基金	004312 R1 是 公募
577 某某基金管理有限公司	某某灵活配置混合型证券投资基金
004349 R2 是 公募
578 某某基金管理有限公司	某某短债债券型证券投资基金 004386 R3 是 公募
579 某某基金管理有限公司	某某科技创新三年封闭运作混 004423 R4 是 公募
580 某某基金管理有限公司	某某稳健增利债券型证券投资 004460 R1 是 公募
581 某某基金管理有限公司	某某混合型证券投资基金A类 004497 R2 是 公募
582 某某基金管理有限公司	某某中证500指数增强型证券投资基金（LOF）
004534 R3 是 公募
583 某某基金管理有限公司	某某纯债债券型发起式证券投 004571 R4 是 公募
584 某某基金管理有限公司	某某货币市场基金	004608 R1 是 公募
585 某某基金管理有限公司	某某灵活配置混合型证券投资 004645 R2 是 公募
586 某某基金管理有限公司	某某短债债券型证券投资基金 004682 R3 是 公募
587 某某基金管理有限公司	某某科技创新三年封闭运作混合型证券投资基金
004719 R4 是 公募
588 某某基金管理有限公司	某某稳健增利债券型证券投资 004756 R1 是 公募
589 某某基金管理有限公司	某某混合型证券投资基金A类 004793 R2 是 公募
590 某某基金管理有限公司	某某中证500指数增强型证券 004830 R3 是 公募
591 某某基金管理有限公司	某某纯债债券型发起式证券投 004867 R4 是 公募
592 某某基金管理有限公司	某某货币市场基金	004904 R1 是 公募
593 某某基金管理有限公司	某某灵活配置混合型证券投资 004941 R2 是 公募
594 某某基金管理有限公司	某某短债债券型证券投资基金 004978 R3 是 公募
595 某某基金管理有限公司	某某科技创新三年封闭运作混 005015 R4 是 公募
596 某某基金管理有限公司	某某稳健增利债券型证券投资 005052 R1 是 公募
597 某某基金管理有限公司	某某混合型证券投资基金A类份额
005089 R2 是 公募
598 某某基金管理有限公司	某某中证500指数增强型证券 005126 R3 是 公募
599 某某基金管理有限公司	某某纯债债券型发起式证券投 005163 R4 是 公募
600 某某基金管理有限公司	某某货币市场基金	005200 R1 是 公募
601 某某基金管理有限公司	某某灵活配置混合型证券投资 005237 R2 是 公募
602 某某基金管理有限公司	某某短债债券型证券投资基金C类份额
005274 R3 是 公募
603 某某基金管理有限公司	某某科技创新三年封闭运作混 005311 R4 是 公募
604 某某基金管理有限公司	某某稳健增利债券型证券投资 005348 R1 是 公募
605 某某基金管理有限公司	某某混合型证券投资基金A类 005385 R2 是 公募
606 某某基金管理有限公司	某某中证500指数增强型证券 005422 R3 是 公募
607 某某基金管理有限公司	某某纯债债券型发起式证券投资基金
005459 R4 是 公募
608 某某基金管理有限公司	某某货币市场基金	005496 R1 是 公募
609 某某基金管理有限公司	某某灵活配置混合型证券投资 005533 R2 是 公募
610 某某基金管理有限公司	某某短债债券型证券投资基金 005570 R3 是 公募
611 某某基金管理有限公司	某某科技创新三年封闭运作混 005607 R4 是 公募
612 某某基金管理有限公司	某某稳健增利债券型证券投资基金
005644 R1 是 公募
613 某某基金管理有限公司	某某混合型证券投资基金A类 005681 R2 是 公募
614 某某基金管理有限公司	某某中证500指数增强型证券 005718 R3 是 公募
615 某某基金管理有限公司	某某纯债债券型发起式证券投 005755 R4 是 公募
616 某某基金管理有限公司	某某货币市场基金	005792 R1 是 公募
617 某某基金管理有限公司	某某灵活配置混合型证券投资基金
005829 R2 是 公募
618 某某基金管理有限公司	某某短债债券型证券投资基金 005866 R3 是 公募
619 某某基金管理有限公司	某某科技创新三年封闭运作混 005903 R4 是 公募
620 某某基金管理有限公司	某某稳健增利债券型证券投资 005940 R1 是 公募
621 某某基金管理有限公司	某某混合型证券投资基金A类 005977 R2 是 公募
622 某某基金管理有限公司	某某中证500指数增强型证券投资基金（LOF）
006014 R3 是 公募
623 某某基金管理有限公司	某某纯债债券型发起式证券投 006051 R4 是 公募
624 某某基金管理有限公司	某某货币市场基金	006088 R1 是 公募
625 某某基金管理有限公司	某某灵活配置混合型证券投资 006125 R2 是 公募
626 某某基金管理有限公司	某某短债债券型证券投资基金 006162 R3 是 公募
627 某某基金管理有限公司	某某科技创新三年封闭运作混合型证券投资基金
006199 R4 是 公募
628 某某基金管理有限公司	某某稳健增利债券型证券投资 006236 R1 是 公募
629 某某基金管理有限公司	某某混合型证券投资基金A类 006273 R2 是 公募
630 某某基金管理有限公司	某某中证500指数增强型证券 006310 R3 是 公募
631 某某基金管理有限公司	某某纯债债券型发起式证券投 006347 R4 是 公募
632 某某基金管理有限公司	某某货币市场基金	006384 R1 是 公募
633 某某基金管理有限公司	某某灵活配置混合型证券投资 006421 R2 是 公募
634 某某基金管理有限公司	某某短债债券型证券投资基金 006458 R3 是 公募
635 某某基金管理有限公司	某某科技创新三年封闭运作混 006495 R4 是 公募
636 某某基金管理有限公司	某某稳健增利债券型证券投资 006532 R1 是 公募
637 某某基金管理有限公司	某某混合型证券投资基金A类份额
006569 R2 是 公募
638 某某基金管理有限公司	某某中证500指数增强型证券 006606 R3 是 公募
639 某某基金管理有限公司	某某纯债债券型发起式证券投 006643 R4 是 公募
640 某某基金管理有限公司	某某货币市场基金	006680 R1 是 公募
641 某某基金管理有限公司	某某灵活配置混合型证券投资 006717 R2 是 公募
642 某某基金管理有限公司	某某短债债券型证券投资基金C类份额
006754 R3 是 公募
643 某某基金管理有限公司	某某科技创新三年封闭运作混 006791 R4 是 公募
644 某某基金管理有限公司	某某稳健增利债券型证券投资 006828 R1 是 公募
645 某某基金管理有限公司	某某混合型证券投资基金A类 006865 R2 是 公募
646 某某基金管理有限公司	某某中证500指数增强型证券 006902 R3 是 公募
647 某某基金管理有限公司	某某纯债债券型发起式证券投资基金
006939 R4 是 公募
648 某某基金管理有限公司	某某货币市场基金	006976 R1 是 公募
649 某某基金管理有限公司	某某灵活配置混合型证券投资 007013 R2 是 公募
650 某某基金管理有限公司	某某短债债券型证券投资基金 007050 R3 是 公募
651 某某基金管理有限公司	某某科技创新三年封闭运作混 007087 R4 是 公募
652 某某基金管理有限公司	某某稳健增利债券型证券投资基金
007124 R1 是 公募
653 某某基金管理有限公司	某某混合型证券投资基金A类 007161 R2 是 公募
654 某某基金管理有限公司	某某中证500指数增强型证券 007198 R3 是 公募
655 某某基金管理有限公司	某某纯债债券型发起式证券投 007235 R4 是 公募
656 某某基金管理有限公司	某某货币市场基金	007272 R1 是 公募
657 某某基金管理有限公司	某某灵活配置混合型证券投资基金
007309 R2 是 公募
658 某某基金管理有限公司	某某短债债券型证券投资基金 007346 R3 是 公募
659 某某基金管理有限公司	某某科技创新三年封闭运作混 007383 R4 是 公募
660 某某基金管理有限公司	某某稳健增利债券型证券投资 007420 R1 是 公募
661 某某基金管理有限公司	某某混合型证券投资基金A类 007457 R2 是 公募
662 某某基金管理有限公司	某某中证500指数增强型证券投资基金（LOF）
007494 R3 是 公募
663 某某基金管理有限公司	某某纯债债券型发起式证券投 007531 R4 是 公募
（下转A37版）
